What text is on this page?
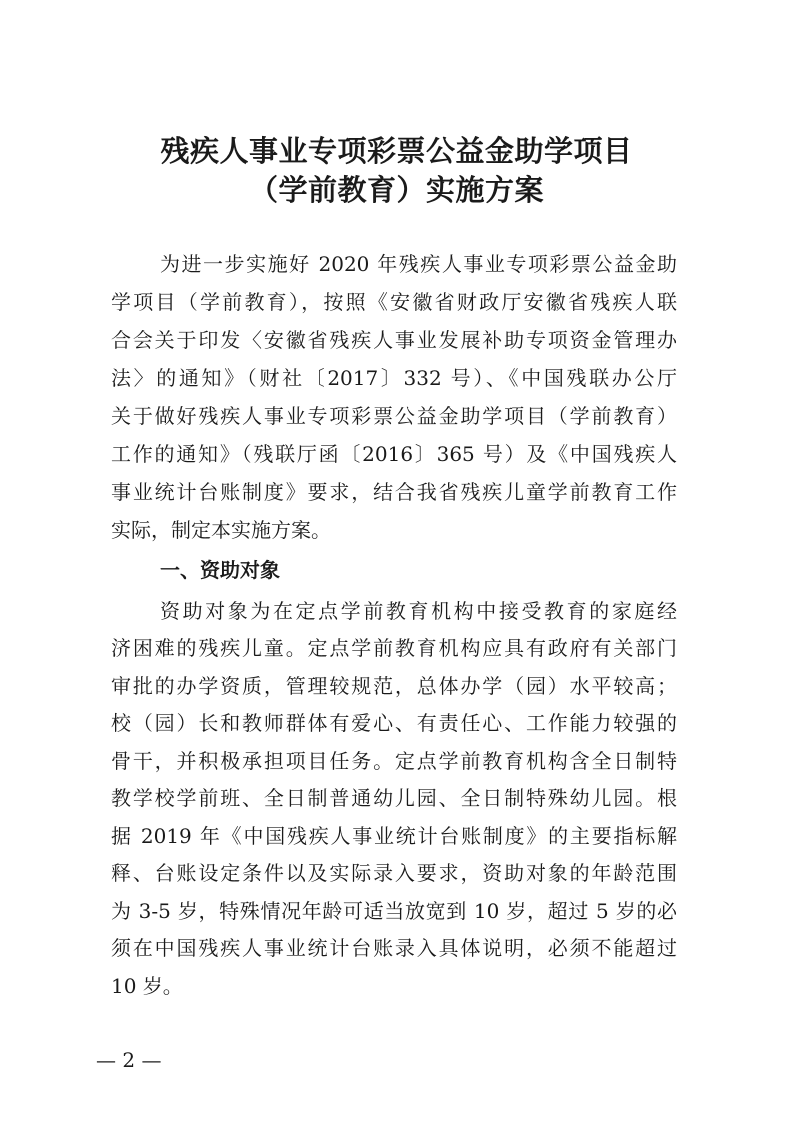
残疾人事业专项彩票公益金助学项目
（学前教育）实施方案
为进一步实施好 2020 年残疾人事业专项彩票公益金助
学项目（学前教育），按照《安徽省财政厅安徽省残疾人联
合会关于印发〈安徽省残疾人事业发展补助专项资金管理办
法〉的通知》（财社〔2017〕332 号）、《中国残联办公厅
关于做好残疾人事业专项彩票公益金助学项目（学前教育）
工作的通知》（残联厅函〔2016〕365 号）及《中国残疾人
事业统计台账制度》要求，结合我省残疾儿童学前教育工作
实际，制定本实施方案。
一、资助对象
资助对象为在定点学前教育机构中接受教育的家庭经
济困难的残疾儿童。定点学前教育机构应具有政府有关部门
审批的办学资质，管理较规范，总体办学（园）水平较高；
校（园）长和教师群体有爱心、有责任心、工作能力较强的
骨干，并积极承担项目任务。定点学前教育机构含全日制特
教学校学前班、全日制普通幼儿园、全日制特殊幼儿园。根
据 2019 年《中国残疾人事业统计台账制度》的主要指标解
释、台账设定条件以及实际录入要求，资助对象的年龄范围
为 3-5 岁，特殊情况年龄可适当放宽到 10 岁，超过 5 岁的必
须在中国残疾人事业统计台账录入具体说明，必须不能超过
10 岁。
— 2 —
